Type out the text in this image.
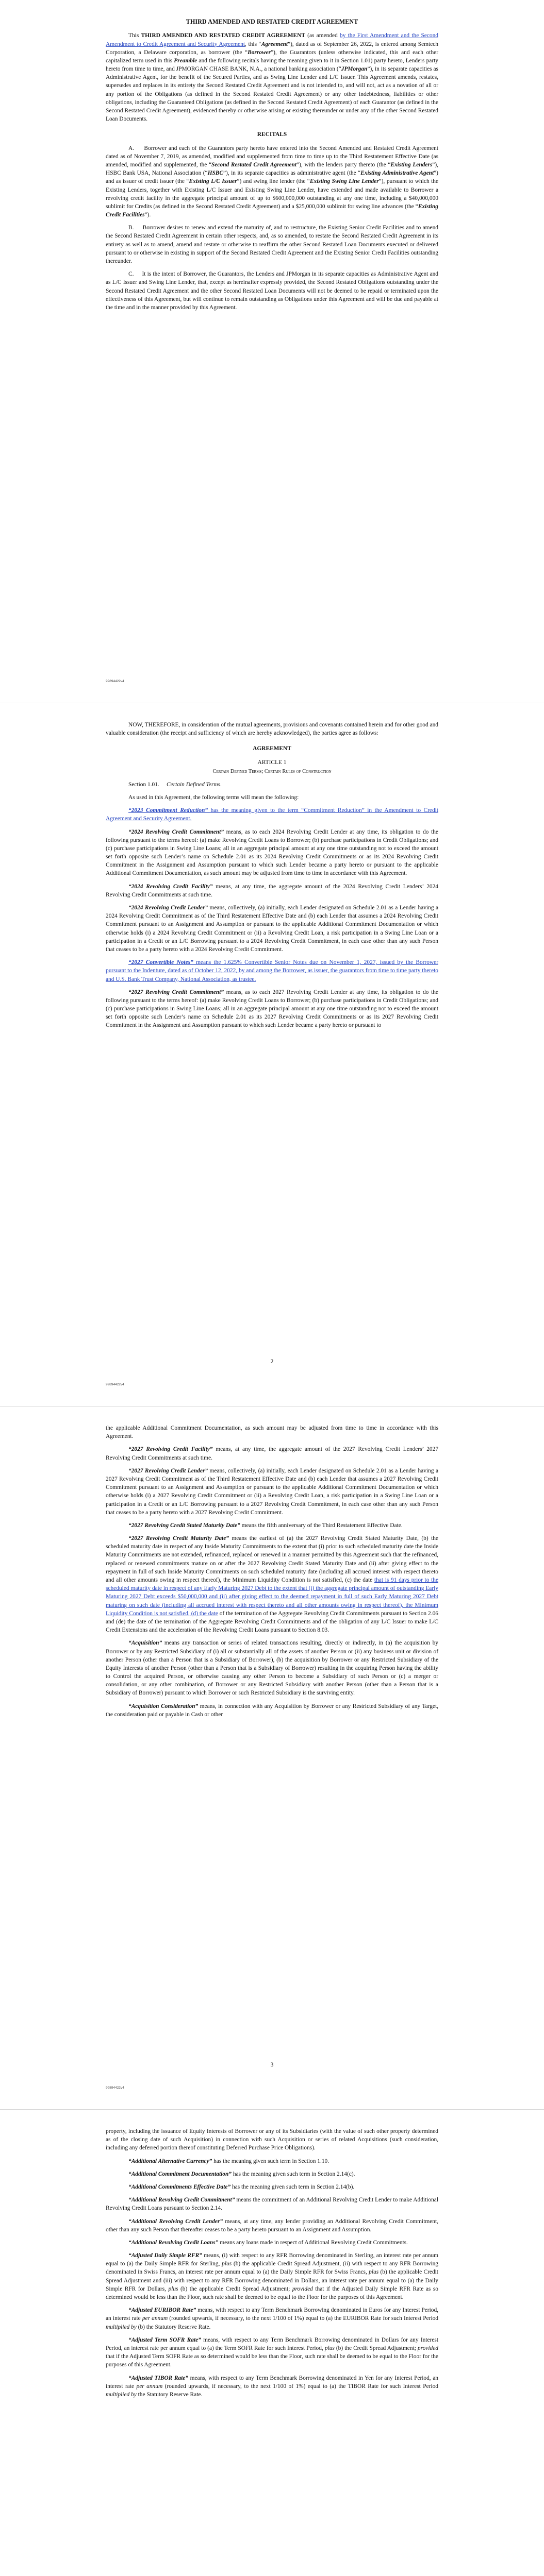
THIRD AMENDED AND RESTATED CREDIT AGREEMENT

This THIRD AMENDED AND RESTATED CREDIT AGREEMENT (as amended by the First Amendment and the Second Amendment to Credit Agreement and Security Agreement, this “Agreement”), dated as of September 26, 2022, is entered among Semtech Corporation, a Delaware corporation, as borrower (the “Borrower”), the Guarantors (unless otherwise indicated, this and each other capitalized term used in this Preamble and the following recitals having the meaning given to it in Section 1.01) party hereto, Lenders party hereto from time to time, and JPMORGAN CHASE BANK, N.A., a national banking association (“JPMorgan”), in its separate capacities as Administrative Agent, for the benefit of the Secured Parties, and as Swing Line Lender and L/C Issuer. This Agreement amends, restates, supersedes and replaces in its entirety the Second Restated Credit Agreement and is not intended to, and will not, act as a novation of all or any portion of the Obligations (as defined in the Second Restated Credit Agreement) or any other indebtedness, liabilities or other obligations, including the Guaranteed Obligations (as defined in the Second Restated Credit Agreement) of each Guarantor (as defined in the Second Restated Credit Agreement), evidenced thereby or otherwise arising or existing thereunder or under any of the other Second Restated Loan Documents.

RECITALS

A.     Borrower and each of the Guarantors party hereto have entered into the Second Amended and Restated Credit Agreement dated as of November 7, 2019, as amended, modified and supplemented from time to time up to the Third Restatement Effective Date (as amended, modified and supplemented, the “Second Restated Credit Agreement”), with the lenders party thereto (the “Existing Lenders”), HSBC Bank USA, National Association (“HSBC”), in its separate capacities as administrative agent (the “Existing Administrative Agent”) and as issuer of credit issuer (the “Existing L/C Issuer”) and swing line lender (the “Existing Swing Line Lender”), pursuant to which the Existing Lenders, together with Existing L/C Issuer and Existing Swing Line Lender, have extended and made available to Borrower a revolving credit facility in the aggregate principal amount of up to $600,000,000 outstanding at any one time, including a $40,000,000 sublimit for Credits (as defined in the Second Restated Credit Agreement) and a $25,000,000 sublimit for swing line advances (the “Existing Credit Facilities”).

B.     Borrower desires to renew and extend the maturity of, and to restructure, the Existing Senior Credit Facilities and to amend the Second Restated Credit Agreement in certain other respects, and, as so amended, to restate the Second Restated Credit Agreement in its entirety as well as to amend, amend and restate or otherwise to reaffirm the other Second Restated Loan Documents executed or delivered pursuant to or otherwise in existing in support of the Second Restated Credit Agreement and the Existing Senior Credit Facilities outstanding thereunder.

C.     It is the intent of Borrower, the Guarantors, the Lenders and JPMorgan in its separate capacities as Administrative Agent and as L/C Issuer and Swing Line Lender, that, except as hereinafter expressly provided, the Second Restated Obligations outstanding under the Second Restated Credit Agreement and the other Second Restated Loan Documents will not be deemed to be repaid or terminated upon the effectiveness of this Agreement, but will continue to remain outstanding as Obligations under this Agreement and will be due and payable at the time and in the manner provided by this Agreement.

99894422v4

NOW, THEREFORE, in consideration of the mutual agreements, provisions and covenants contained herein and for other good and valuable consideration (the receipt and sufficiency of which are hereby acknowledged), the parties agree as follows:

AGREEMENT

ARTICLE 1

Certain Defined Terms; Certain Rules of Construction

Section 1.01. Certain Defined Terms.

As used in this Agreement, the following terms will mean the following:

“2023 Commitment Reduction” has the meaning given to the term “Commitment Reduction” in the Amendment to Credit Agreement and Security Agreement.

“2024 Revolving Credit Commitment” means, as to each 2024 Revolving Credit Lender at any time, its obligation to do the following pursuant to the terms hereof: (a) make Revolving Credit Loans to Borrower; (b) purchase participations in Credit Obligations; and (c) purchase participations in Swing Line Loans; all in an aggregate principal amount at any one time outstanding not to exceed the amount set forth opposite such Lender’s name on Schedule 2.01 as its 2024 Revolving Credit Commitments or as its 2024 Revolving Credit Commitment in the Assignment and Assumption pursuant to which such Lender became a party hereto or pursuant to the applicable Additional Commitment Documentation, as such amount may be adjusted from time to time in accordance with this Agreement.

“2024 Revolving Credit Facility” means, at any time, the aggregate amount of the 2024 Revolving Credit Lenders’ 2024 Revolving Credit Commitments at such time.

“2024 Revolving Credit Lender” means, collectively, (a) initially, each Lender designated on Schedule 2.01 as a Lender having a 2024 Revolving Credit Commitment as of the Third Restatement Effective Date and (b) each Lender that assumes a 2024 Revolving Credit Commitment pursuant to an Assignment and Assumption or pursuant to the applicable Additional Commitment Documentation or which otherwise holds (i) a 2024 Revolving Credit Commitment or (ii) a Revolving Credit Loan, a risk participation in a Swing Line Loan or a participation in a Credit or an L/C Borrowing pursuant to a 2024 Revolving Credit Commitment, in each case other than any such Person that ceases to be a party hereto with a 2024 Revolving Credit Commitment.

“2027 Convertible Notes” means the 1.625% Convertible Senior Notes due on November 1, 2027, issued by the Borrower pursuant to the Indenture, dated as of October 12, 2022, by and among the Borrower, as issuer, the guarantors from time to time party thereto and U.S. Bank Trust Company, National Association, as trustee.

“2027 Revolving Credit Commitment” means, as to each 2027 Revolving Credit Lender at any time, its obligation to do the following pursuant to the terms hereof: (a) make Revolving Credit Loans to Borrower; (b) purchase participations in Credit Obligations; and (c) purchase participations in Swing Line Loans; all in an aggregate principal amount at any one time outstanding not to exceed the amount set forth opposite such Lender’s name on Schedule 2.01 as its 2027 Revolving Credit Commitments or as its 2027 Revolving Credit Commitment in the Assignment and Assumption pursuant to which such Lender became a party hereto or pursuant to

2
99894422v4

the applicable Additional Commitment Documentation, as such amount may be adjusted from time to time in accordance with this Agreement.

“2027 Revolving Credit Facility” means, at any time, the aggregate amount of the 2027 Revolving Credit Lenders’ 2027 Revolving Credit Commitments at such time.

“2027 Revolving Credit Lender” means, collectively, (a) initially, each Lender designated on Schedule 2.01 as a Lender having a 2027 Revolving Credit Commitment as of the Third Restatement Effective Date and (b) each Lender that assumes a 2027 Revolving Credit Commitment pursuant to an Assignment and Assumption or pursuant to the applicable Additional Commitment Documentation or which otherwise holds (i) a 2027 Revolving Credit Commitment or (ii) a Revolving Credit Loan, a risk participation in a Swing Line Loan or a participation in a Credit or an L/C Borrowing pursuant to a 2027 Revolving Credit Commitment, in each case other than any such Person that ceases to be a party hereto with a 2027 Revolving Credit Commitment.

“2027 Revolving Credit Stated Maturity Date” means the fifth anniversary of the Third Restatement Effective Date.

“2027 Revolving Credit Maturity Date” means the earliest of (a) the 2027 Revolving Credit Stated Maturity Date, (b) the scheduled maturity date in respect of any Inside Maturity Commitments to the extent that (i) prior to such scheduled maturity date the Inside Maturity Commitments are not extended, refinanced, replaced or renewed in a manner permitted by this Agreement such that the refinanced, replaced or renewed commitments mature on or after the 2027 Revolving Credit Stated Maturity Date and (ii) after giving effect to the repayment in full of such Inside Maturity Commitments on such scheduled maturity date (including all accrued interest with respect thereto and all other amounts owing in respect thereof), the Minimum Liquidity Condition is not satisfied, (c) the date that is 91 days prior to the scheduled maturity date in respect of any Early Maturing 2027 Debt to the extent that (i) the aggregate principal amount of outstanding Early Maturing 2027 Debt exceeds $50,000,000 and (ii) after giving effect to the deemed repayment in full of such Early Maturing 2027 Debt maturing on such date (including all accrued interest with respect thereto and all other amounts owing in respect thereof), the Minimum Liquidity Condition is not satisfied, (d) the date of the termination of the Aggregate Revolving Credit Commitments pursuant to Section 2.06 and (de) the date of the termination of the Aggregate Revolving Credit Commitments and of the obligation of any L/C Issuer to make L/C Credit Extensions and the acceleration of the Revolving Credit Loans pursuant to Section 8.03.

“Acquisition” means any transaction or series of related transactions resulting, directly or indirectly, in (a) the acquisition by Borrower or by any Restricted Subsidiary of (i) all or substantially all of the assets of another Person or (ii) any business unit or division of another Person (other than a Person that is a Subsidiary of Borrower), (b) the acquisition by Borrower or any Restricted Subsidiary of the Equity Interests of another Person (other than a Person that is a Subsidiary of Borrower) resulting in the acquiring Person having the ability to Control the acquired Person, or otherwise causing any other Person to become a Subsidiary of such Person or (c) a merger or consolidation, or any other combination, of Borrower or any Restricted Subsidiary with another Person (other than a Person that is a Subsidiary of Borrower) pursuant to which Borrower or such Restricted Subsidiary is the surviving entity.

“Acquisition Consideration” means, in connection with any Acquisition by Borrower or any Restricted Subsidiary of any Target, the consideration paid or payable in Cash or other

3
99894422v4

property, including the issuance of Equity Interests of Borrower or any of its Subsidiaries (with the value of such other property determined as of the closing date of such Acquisition) in connection with such Acquisition or series of related Acquisitions (such consideration, including any deferred portion thereof constituting Deferred Purchase Price Obligations).

“Additional Alternative Currency” has the meaning given such term in Section 1.10.

“Additional Commitment Documentation” has the meaning given such term in Section 2.14(c).

“Additional Commitments Effective Date” has the meaning given such term in Section 2.14(b).

“Additional Revolving Credit Commitment” means the commitment of an Additional Revolving Credit Lender to make Additional Revolving Credit Loans pursuant to Section 2.14.

“Additional Revolving Credit Lender” means, at any time, any lender providing an Additional Revolving Credit Commitment, other than any such Person that thereafter ceases to be a party hereto pursuant to an Assignment and Assumption.

“Additional Revolving Credit Loans” means any loans made in respect of Additional Revolving Credit Commitments.

“Adjusted Daily Simple RFR” means, (i) with respect to any RFR Borrowing denominated in Sterling, an interest rate per annum equal to (a) the Daily Simple RFR for Sterling, plus (b) the applicable Credit Spread Adjustment, (ii) with respect to any RFR Borrowing denominated in Swiss Francs, an interest rate per annum equal to (a) the Daily Simple RFR for Swiss Francs, plus (b) the applicable Credit Spread Adjustment and (iii) with respect to any RFR Borrowing denominated in Dollars, an interest rate per annum equal to (a) the Daily Simple RFR for Dollars, plus (b) the applicable Credit Spread Adjustment; provided that if the Adjusted Daily Simple RFR Rate as so determined would be less than the Floor, such rate shall be deemed to be equal to the Floor for the purposes of this Agreement.

“Adjusted EURIBOR Rate” means, with respect to any Term Benchmark Borrowing denominated in Euros for any Interest Period, an interest rate per annum (rounded upwards, if necessary, to the next 1/100 of 1%) equal to (a) the EURIBOR Rate for such Interest Period multiplied by (b) the Statutory Reserve Rate.

“Adjusted Term SOFR Rate” means, with respect to any Term Benchmark Borrowing denominated in Dollars for any Interest Period, an interest rate per annum equal to (a) the Term SOFR Rate for such Interest Period, plus (b) the Credit Spread Adjustment; provided that if the Adjusted Term SOFR Rate as so determined would be less than the Floor, such rate shall be deemed to be equal to the Floor for the purposes of this Agreement.

“Adjusted TIBOR Rate” means, with respect to any Term Benchmark Borrowing denominated in Yen for any Interest Period, an interest rate per annum (rounded upwards, if necessary, to the next 1/100 of 1%) equal to (a) the TIBOR Rate for such Interest Period multiplied by the Statutory Reserve Rate.
